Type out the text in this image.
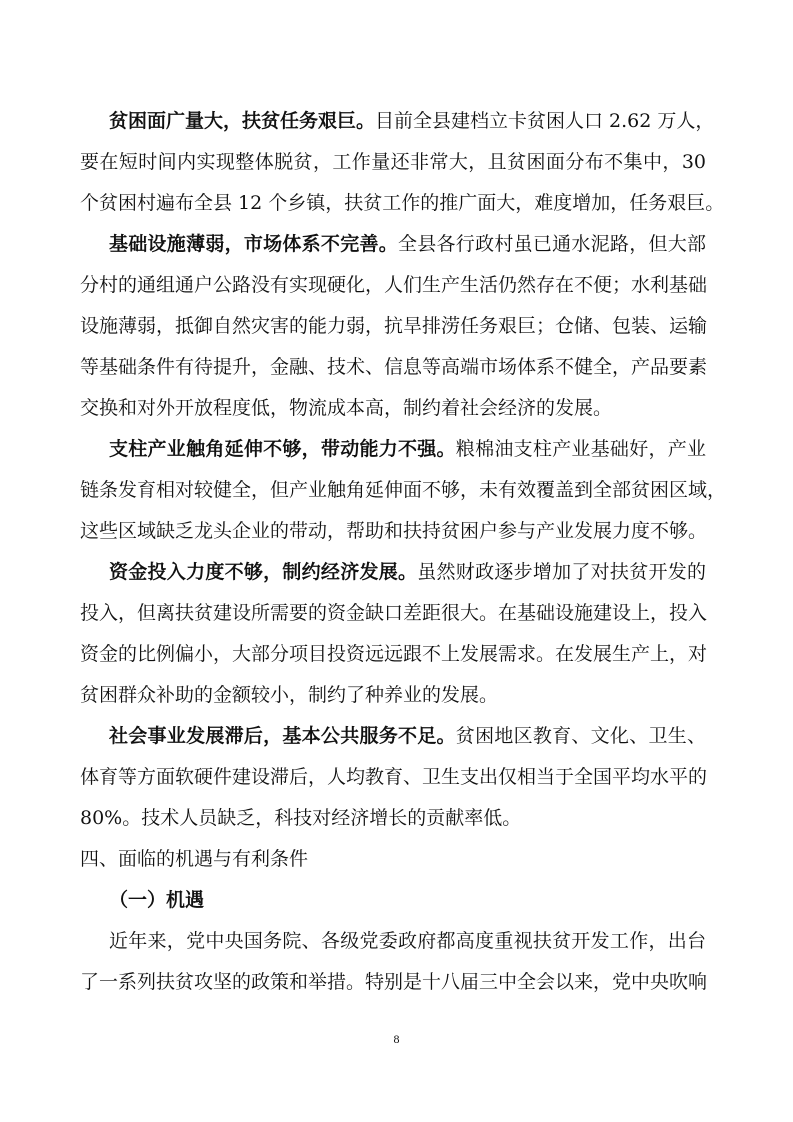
贫困面广量大，扶贫任务艰巨。目前全县建档立卡贫困人口 2.62 万人，
要在短时间内实现整体脱贫，工作量还非常大，且贫困面分布不集中，30
个贫困村遍布全县 12 个乡镇，扶贫工作的推广面大，难度增加，任务艰巨。
基础设施薄弱，市场体系不完善。全县各行政村虽已通水泥路，但大部
分村的通组通户公路没有实现硬化，人们生产生活仍然存在不便；水利基础
设施薄弱，抵御自然灾害的能力弱，抗旱排涝任务艰巨；仓储、包装、运输
等基础条件有待提升，金融、技术、信息等高端市场体系不健全，产品要素
交换和对外开放程度低，物流成本高，制约着社会经济的发展。
支柱产业触角延伸不够，带动能力不强。粮棉油支柱产业基础好，产业
链条发育相对较健全，但产业触角延伸面不够，未有效覆盖到全部贫困区域，
这些区域缺乏龙头企业的带动，帮助和扶持贫困户参与产业发展力度不够。
资金投入力度不够，制约经济发展。虽然财政逐步增加了对扶贫开发的
投入，但离扶贫建设所需要的资金缺口差距很大。在基础设施建设上，投入
资金的比例偏小，大部分项目投资远远跟不上发展需求。在发展生产上，对
贫困群众补助的金额较小，制约了种养业的发展。
社会事业发展滞后，基本公共服务不足。贫困地区教育、文化、卫生、
体育等方面软硬件建设滞后，人均教育、卫生支出仅相当于全国平均水平的
80%。技术人员缺乏，科技对经济增长的贡献率低。
四、面临的机遇与有利条件
（一）机遇
近年来，党中央国务院、各级党委政府都高度重视扶贫开发工作，出台
了一系列扶贫攻坚的政策和举措。特别是十八届三中全会以来，党中央吹响
8
